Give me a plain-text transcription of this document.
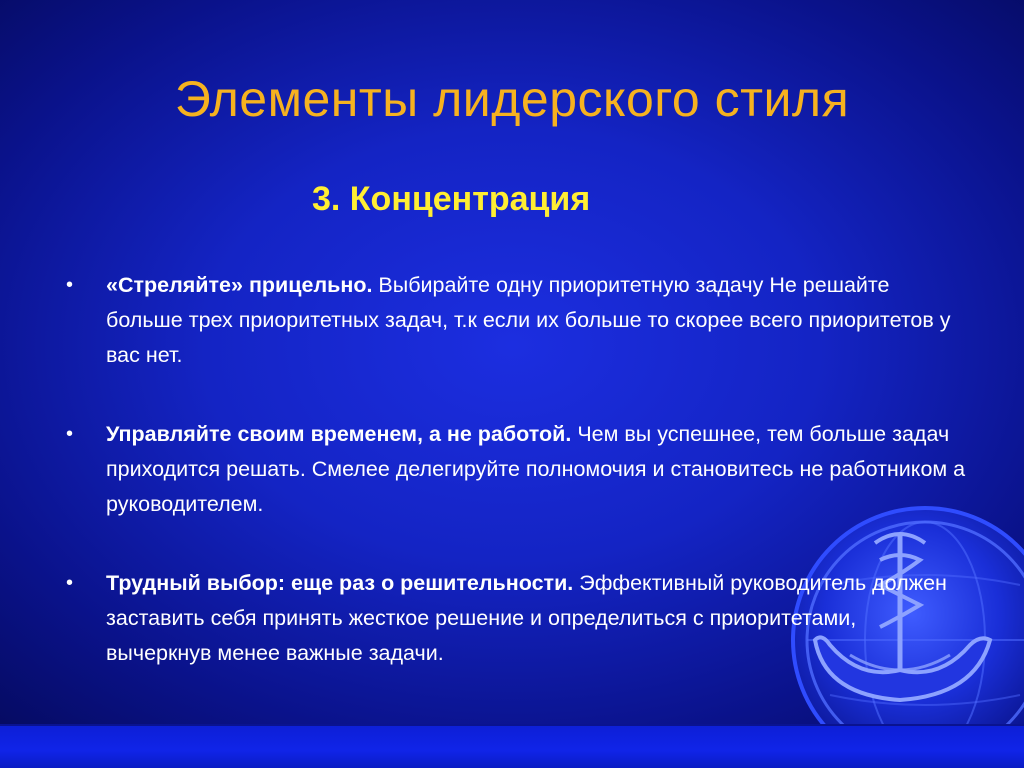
Элементы лидерского стиля
3. Концентрация
• «Стреляйте» прицельно. Выбирайте одну приоритетную задачу Не решайте больше трех приоритетных задач, т.к если их больше то скорее всего приоритетов у вас нет.
• Управляйте своим временем, а не работой. Чем вы успешнее, тем больше задач приходится решать. Смелее делегируйте полномочия и становитесь не работником а руководителем.
• Трудный выбор: еще раз о решительности. Эффективный руководитель должен заставить себя принять жесткое решение и определиться с приоритетами, вычеркнув менее важные задачи.
